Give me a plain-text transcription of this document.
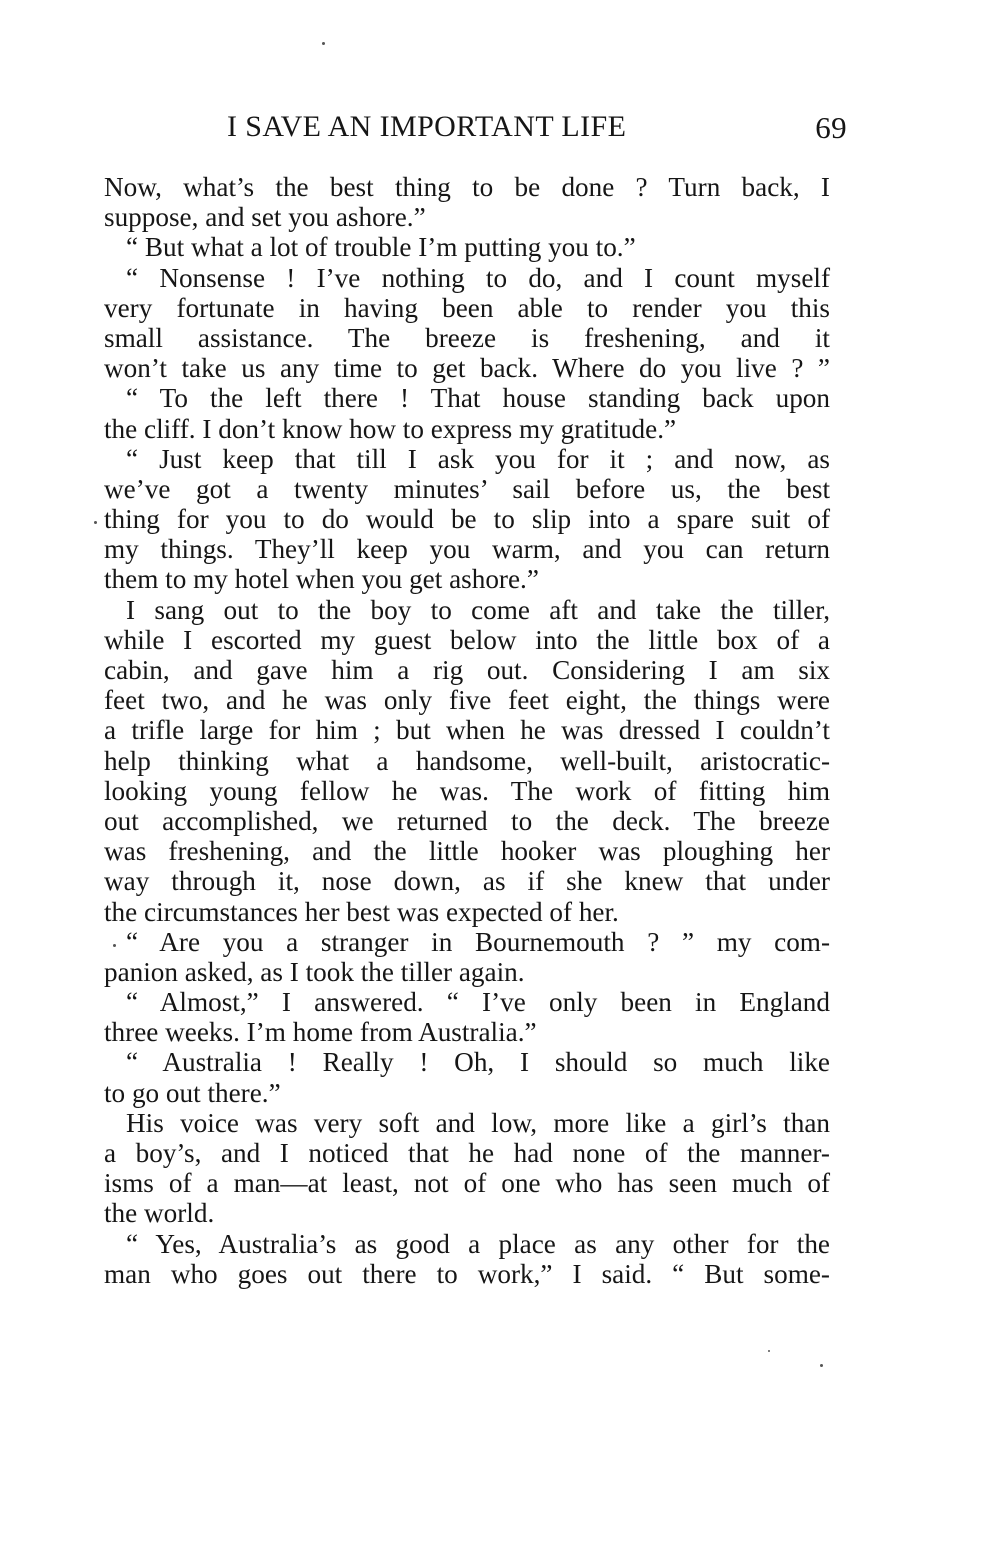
I SAVE AN IMPORTANT LIFE	69
Now, what’s the best thing to be done ? Turn back, I
suppose, and set you ashore.”
“ But what a lot of trouble I’m putting you to.”
“ Nonsense ! I’ve nothing to do, and I count myself
very fortunate in having been able to render you this
small assistance. The breeze is freshening, and it
won’t take us any time to get back. Where do you live ? ”
“ To the left there ! That house standing back upon
the cliff. I don’t know how to express my gratitude.”
“ Just keep that till I ask you for it ; and now, as
we’ve got a twenty minutes’ sail before us, the best
thing for you to do would be to slip into a spare suit of
my things. They’ll keep you warm, and you can return
them to my hotel when you get ashore.”
I sang out to the boy to come aft and take the tiller,
while I escorted my guest below into the little box of a
cabin, and gave him a rig out. Considering I am six
feet two, and he was only five feet eight, the things were
a trifle large for him ; but when he was dressed I couldn’t
help thinking what a handsome, well-built, aristocratic-
looking young fellow he was. The work of fitting him
out accomplished, we returned to the deck. The breeze
was freshening, and the little hooker was ploughing her
way through it, nose down, as if she knew that under
the circumstances her best was expected of her.
“ Are you a stranger in Bournemouth ? ” my com-
panion asked, as I took the tiller again.
“ Almost,” I answered. “ I’ve only been in England
three weeks. I’m home from Australia.”
“ Australia ! Really ! Oh, I should so much like
to go out there.”
His voice was very soft and low, more like a girl’s than
a boy’s, and I noticed that he had none of the manner-
isms of a man—at least, not of one who has seen much of
the world.
“ Yes, Australia’s as good a place as any other for the
man who goes out there to work,” I said. “ But some-
